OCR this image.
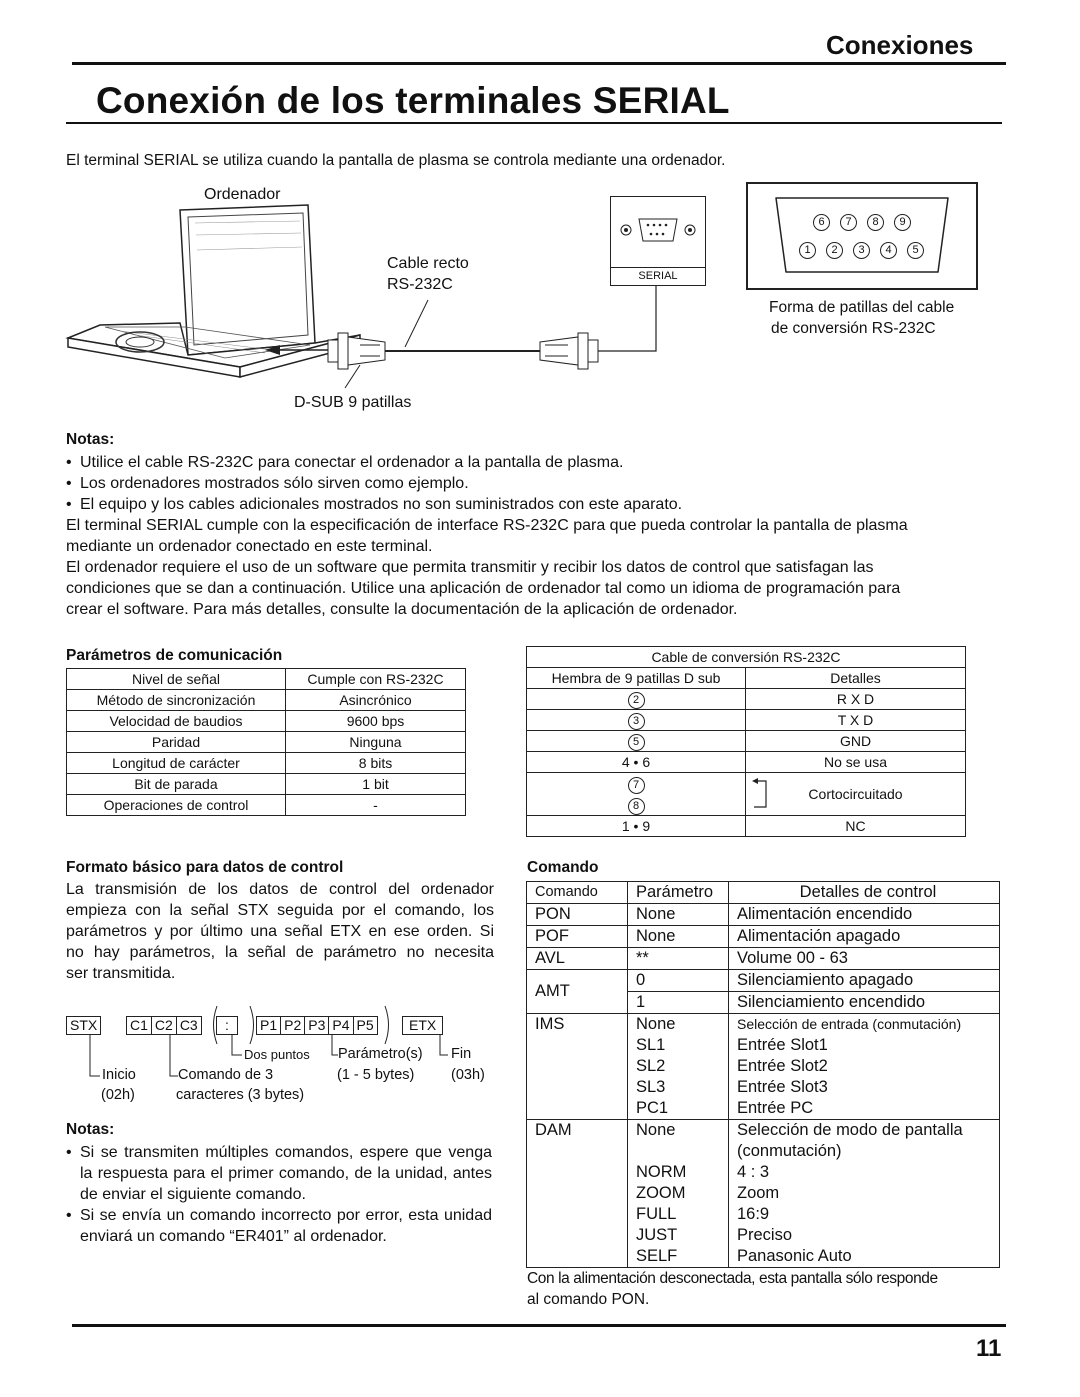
Conexiones
Conexión de los terminales SERIAL
El terminal SERIAL se utiliza cuando la pantalla de plasma se controla mediante una ordenador.
Ordenador
Cable recto
RS-232C
D-SUB 9 patillas
SERIAL
6 7 8 9
1 2 3 4 5
Forma de patillas del cable
de conversión RS-232C
Notas:
• Utilice el cable RS-232C para conectar el ordenador a la pantalla de plasma.
• Los ordenadores mostrados sólo sirven como ejemplo.
• El equipo y los cables adicionales mostrados no son suministrados con este aparato.
El terminal SERIAL cumple con la especificación de interface RS-232C para que pueda controlar la pantalla de plasma
mediante un ordenador conectado en este terminal.
El ordenador requiere el uso de un software que permita transmitir y recibir los datos de control que satisfagan las
condiciones que se dan a continuación. Utilice una aplicación de ordenador tal como un idioma de programación para
crear el software. Para más detalles, consulte la documentación de la aplicación de ordenador.
Parámetros de comunicación
Nivel de señal	Cumple con RS-232C
Método de sincronización	Asincrónico
Velocidad de baudios	9600 bps
Paridad	Ninguna
Longitud de carácter	8 bits
Bit de parada	1 bit
Operaciones de control	-
Cable de conversión RS-232C	
Hembra de 9 patillas D sub	Detalles
2	R X D
3	T X D
5	GND
4 • 6	No se usa

7
8	Cortocircuitado
1 • 9	NC
Formato básico para datos de control
La transmisión de los datos de control del ordenador
empieza con la señal STX seguida por el comando, los
parámetros y por último una señal ETX en ese orden. Si
no hay parámetros, la señal de parámetro no necesita
ser transmitida.
STX C1 C2 C3	:	P1 P2 P3 P4 P5	ETX
Dos puntos Parámetro(s) Fin
Inicio
(02h)
Comando de 3
caracteres (3 bytes)
(1 - 5 bytes)	(03h)
Notas:
• Si se transmiten múltiples comandos, espere que venga la respuesta para el primer comando, de la unidad, antes de enviar el siguiente comando.
• Si se envía un comando incorrecto por error, esta unidad enviará un comando “ER401” al ordenador.
Comando
Comando	Parámetro	Detalles de control
PON	None	Alimentación encendido
POF	None	Alimentación apagado
AVL	**	Volume 00 - 63
AMT	0	Silenciamiento apagado
	1	Silenciamiento encendido
IMS	None	Selección de entrada (conmutación)
	SL1	Entrée Slot1
	SL2	Entrée Slot2
	SL3	Entrée Slot3
	PC1	Entrée PC
DAM	None	Selección de modo de pantalla
		(conmutación)
	NORM	4 : 3
	ZOOM	Zoom
	FULL	16:9
	JUST	Preciso
	SELF	Panasonic Auto
Con la alimentación desconectada, esta pantalla sólo responde
al comando PON.
11
